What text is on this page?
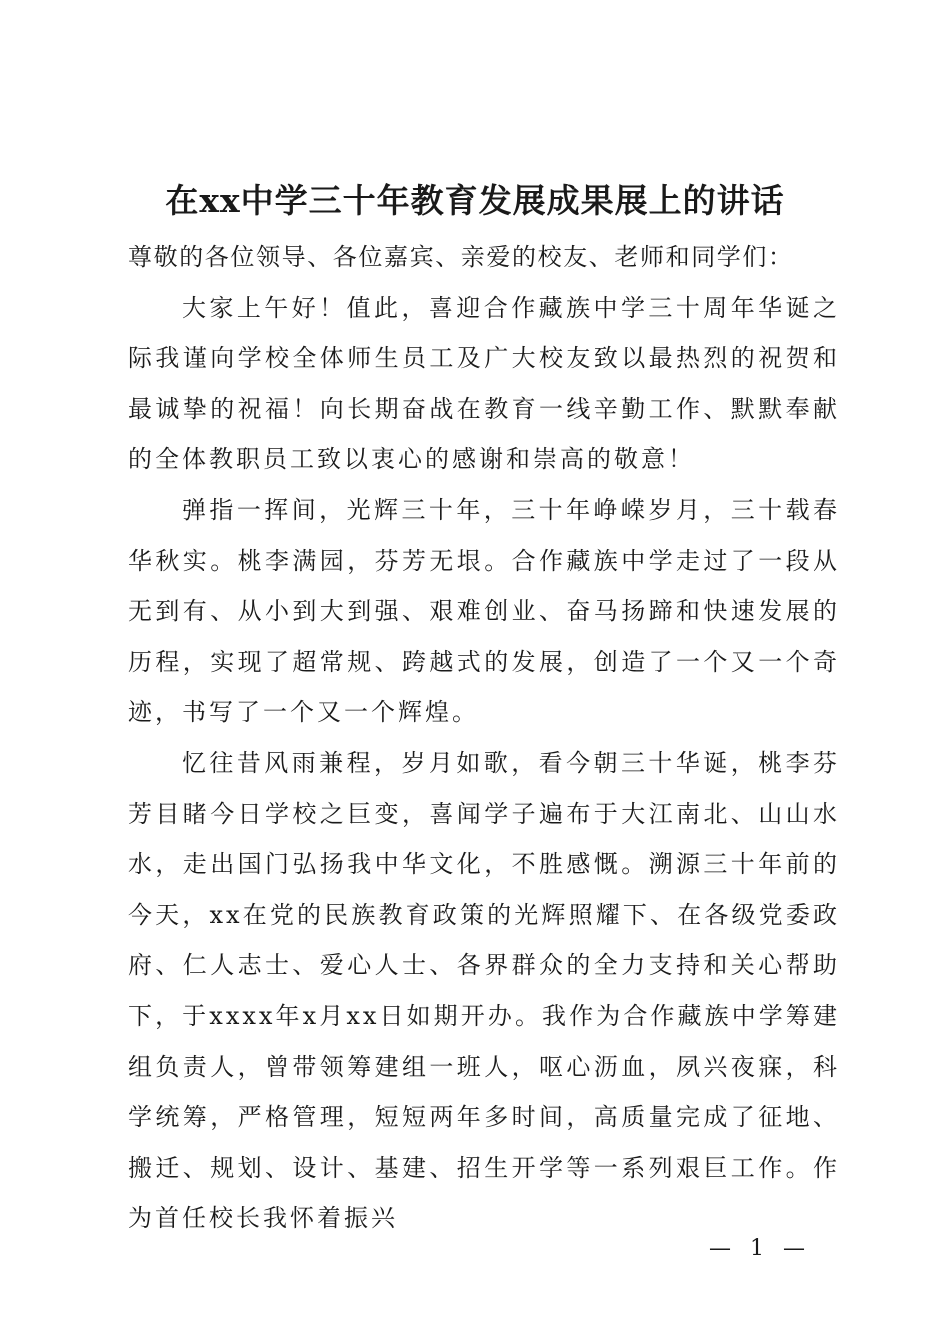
在xx中学三十年教育发展成果展上的讲话

尊敬的各位领导、各位嘉宾、亲爱的校友、老师和同学们：

大家上午好！值此，喜迎合作藏族中学三十周年华诞之际我谨向学校全体师生员工及广大校友致以最热烈的祝贺和最诚挚的祝福！向长期奋战在教育一线辛勤工作、默默奉献的全体教职员工致以衷心的感谢和崇高的敬意！

弹指一挥间，光辉三十年，三十年峥嵘岁月，三十载春华秋实。桃李满园，芬芳无垠。合作藏族中学走过了一段从无到有、从小到大到强、艰难创业、奋马扬蹄和快速发展的历程，实现了超常规、跨越式的发展，创造了一个又一个奇迹，书写了一个又一个辉煌。

忆往昔风雨兼程，岁月如歌，看今朝三十华诞，桃李芬芳目睹今日学校之巨变，喜闻学子遍布于大江南北、山山水水，走出国门弘扬我中华文化，不胜感慨。溯源三十年前的今天，xx在党的民族教育政策的光辉照耀下、在各级党委政府、仁人志士、爱心人士、各界群众的全力支持和关心帮助下，于xxxx年x月xx日如期开办。我作为合作藏族中学筹建组负责人，曾带领筹建组一班人，呕心沥血，夙兴夜寐，科学统筹，严格管理，短短两年多时间，高质量完成了征地、搬迁、规划、设计、基建、招生开学等一系列艰巨工作。作为首任校长我怀着振兴

— 1 —
